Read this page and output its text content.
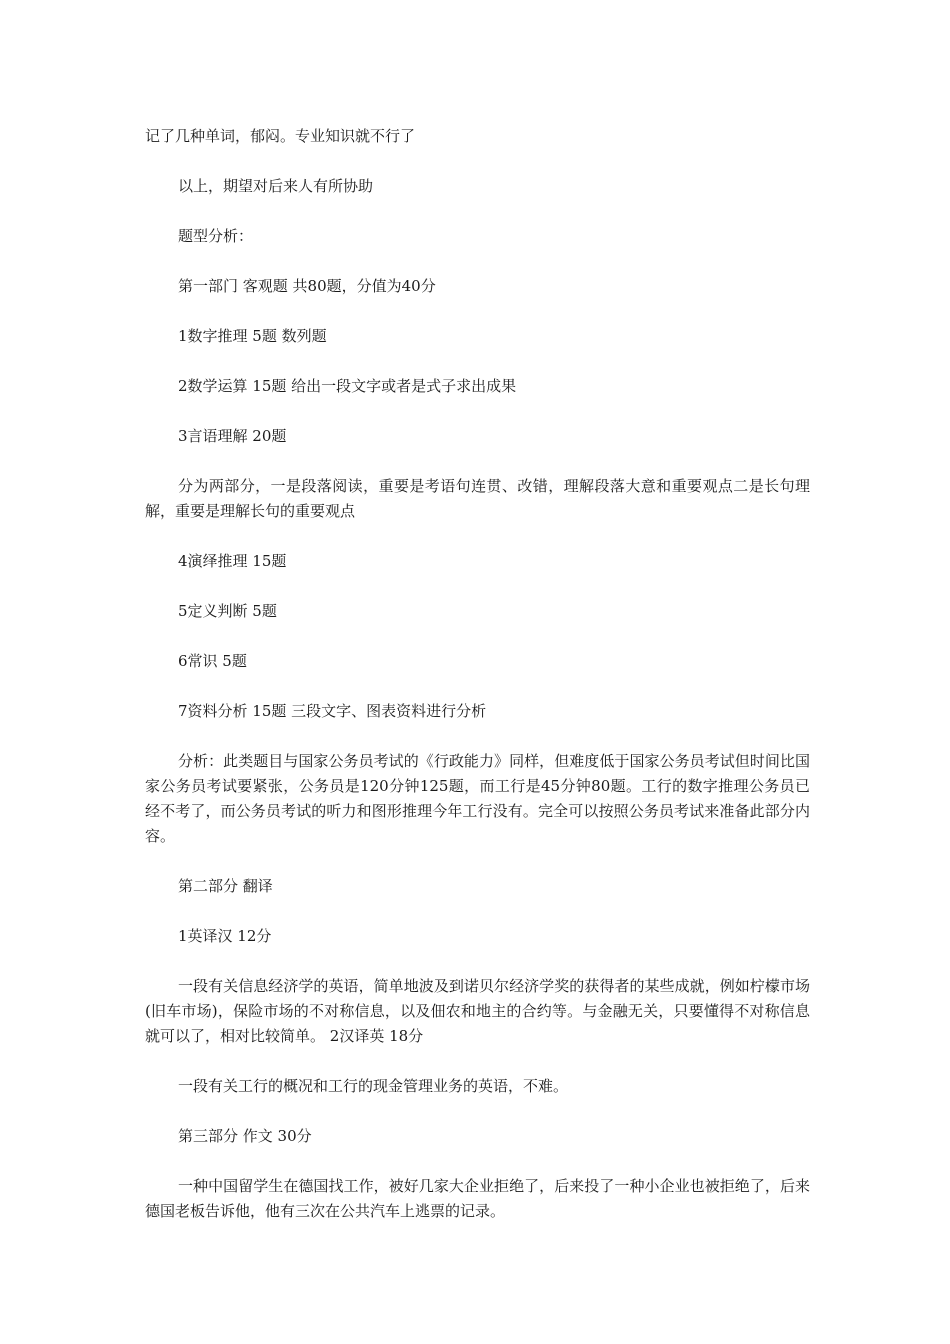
记了几种单词，郁闷。专业知识就不行了

以上，期望对后来人有所协助

题型分析：

第一部门 客观题 共80题，分值为40分

1数字推理 5题 数列题

2数学运算 15题 给出一段文字或者是式子求出成果

3言语理解 20题

分为两部分，一是段落阅读，重要是考语句连贯、改错，理解段落大意和重要观点二是长句理解，重要是理解长句的重要观点

4演绎推理 15题

5定义判断 5题

6常识 5题

7资料分析 15题 三段文字、图表资料进行分析

分析：此类题目与国家公务员考试的《行政能力》同样，但难度低于国家公务员考试但时间比国家公务员考试要紧张，公务员是120分钟125题，而工行是45分钟80题。工行的数字推理公务员已经不考了，而公务员考试的听力和图形推理今年工行没有。完全可以按照公务员考试来准备此部分内容。

第二部分 翻译

1英译汉 12分

一段有关信息经济学的英语，简单地波及到诺贝尔经济学奖的获得者的某些成就，例如柠檬市场(旧车市场)，保险市场的不对称信息，以及佃农和地主的合约等。与金融无关，只要懂得不对称信息就可以了，相对比较简单。 2汉译英 18分

一段有关工行的概况和工行的现金管理业务的英语，不难。

第三部分 作文 30分

一种中国留学生在德国找工作，被好几家大企业拒绝了，后来投了一种小企业也被拒绝了，后来德国老板告诉他，他有三次在公共汽车上逃票的记录。
